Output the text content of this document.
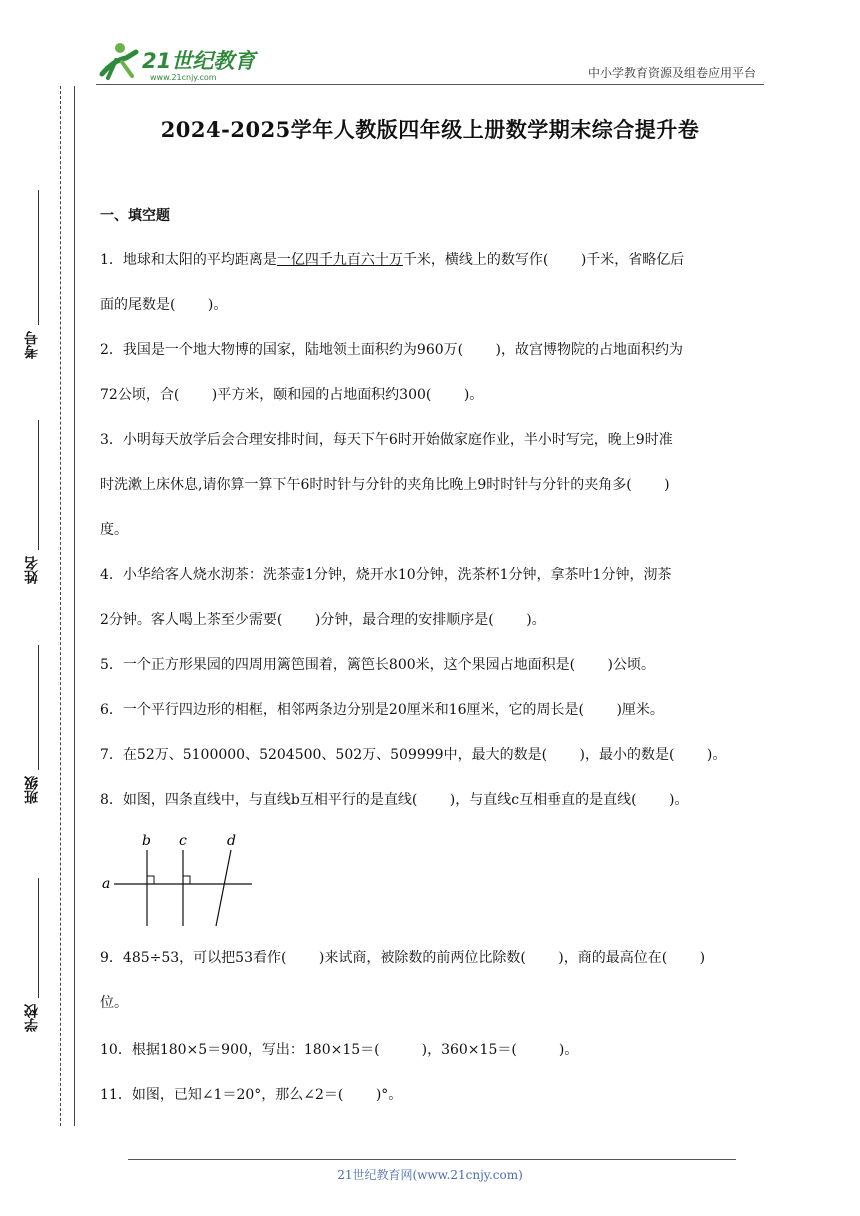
21世纪教育
www.21cnjy.com	中小学教育资源及组卷应用平台
考号
姓名
班级
学校
2024-2025学年人教版四年级上册数学期末综合提升卷
一、填空题
1．地球和太阳的平均距离是一亿四千九百六十万千米，横线上的数写作(　　 )千米，省略亿后
面的尾数是(　　 )。
2．我国是一个地大物博的国家，陆地领土面积约为960万(　　 )，故宫博物院的占地面积约为
72公顷，合(　　 )平方米，颐和园的占地面积约300(　　 )。
3．小明每天放学后会合理安排时间，每天下午6时开始做家庭作业，半小时写完，晚上9时准
时洗漱上床休息,请你算一算下午6时时针与分针的夹角比晚上9时时针与分针的夹角多(　　 )
度。
4．小华给客人烧水沏茶：洗茶壶1分钟，烧开水10分钟，洗茶杯1分钟，拿茶叶1分钟，沏茶
2分钟。客人喝上茶至少需要(　　 )分钟，最合理的安排顺序是(　　 )。
5．一个正方形果园的四周用篱笆围着，篱笆长800米，这个果园占地面积是(　　 )公顷。
6．一个平行四边形的相框，相邻两条边分别是20厘米和16厘米，它的周长是(　　 )厘米。
7．在52万、5100000、5204500、502万、509999中，最大的数是(　　 )，最小的数是(　　 )。
8．如图，四条直线中，与直线b互相平行的是直线(　　 )，与直线c互相垂直的是直线(　　 )。
a
b c	d
9．485÷53，可以把53看作(　　 )来试商，被除数的前两位比除数(　　 )，商的最高位在(　　 )
位。
10．根据180×5＝900，写出：180×15＝(　　　)，360×15＝(　　　)。
11．如图，已知∠1＝20°，那么∠2＝(　　 )°。
21世纪教育网(www.21cnjy.com)
